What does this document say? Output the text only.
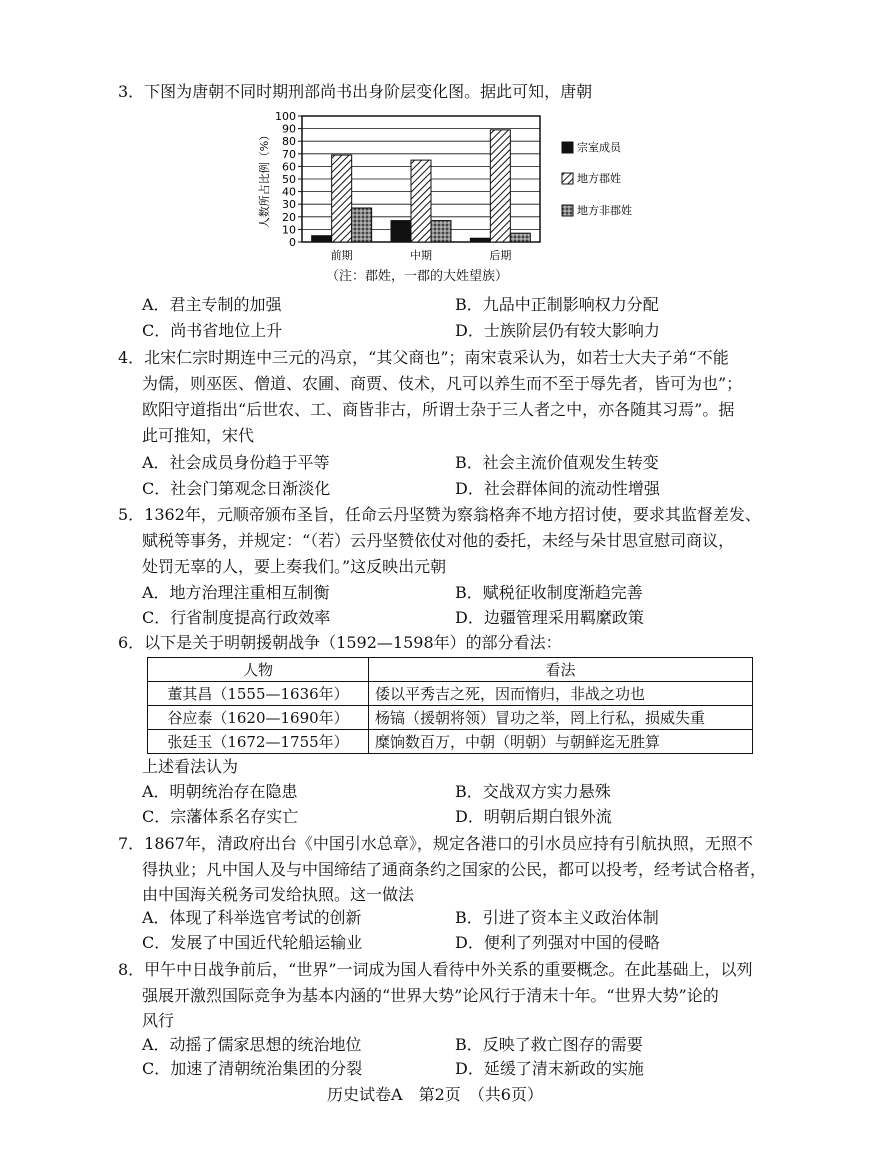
3．下图为唐朝不同时期刑部尚书出身阶层变化图。据此可知，唐朝
0
10
20
30
40
50
60
70
80
90
100
人数所占比例（%）
前期	中期	后期
宗室成员
地方郡姓
地方非郡姓
（注：郡姓，一郡的大姓望族）
A．君主专制的加强	B．九品中正制影响权力分配
C．尚书省地位上升	D．士族阶层仍有较大影响力
4．北宋仁宗时期连中三元的冯京，“其父商也”；南宋袁采认为，如若士大夫子弟“不能
为儒，则巫医、僧道、农圃、商贾、伎术，凡可以养生而不至于辱先者，皆可为也”；
欧阳守道指出“后世农、工、商皆非古，所谓士杂于三人者之中，亦各随其习焉”。据
此可推知，宋代
A．社会成员身份趋于平等	B．社会主流价值观发生转变
C．社会门第观念日渐淡化	D．社会群体间的流动性增强
5．1362年，元顺帝颁布圣旨，任命云丹坚赞为察翁格奔不地方招讨使，要求其监督差发、
赋税等事务，并规定：“（若）云丹坚赞依仗对他的委托，未经与朵甘思宣慰司商议，
处罚无辜的人，要上奏我们。”这反映出元朝
A．地方治理注重相互制衡	B．赋税征收制度渐趋完善
C．行省制度提高行政效率	D．边疆管理采用羁縻政策
6．以下是关于明朝援朝战争（1592—1598年）的部分看法：
人物	看法
董其昌（1555—1636年）	倭以平秀吉之死，因而惰归，非战之功也
谷应泰（1620—1690年）	杨镐（援朝将领）冒功之举，罔上行私，损威失重
张廷玉（1672—1755年）	糜饷数百万，中朝（明朝）与朝鲜迄无胜算
上述看法认为
A．明朝统治存在隐患	B．交战双方实力悬殊
C．宗藩体系名存实亡	D．明朝后期白银外流
7．1867年，清政府出台《中国引水总章》，规定各港口的引水员应持有引航执照，无照不
得执业；凡中国人及与中国缔结了通商条约之国家的公民，都可以投考，经考试合格者，
由中国海关税务司发给执照。这一做法
A．体现了科举选官考试的创新	B．引进了资本主义政治体制
C．发展了中国近代轮船运输业	D．便利了列强对中国的侵略
8．甲午中日战争前后，“世界”一词成为国人看待中外关系的重要概念。在此基础上，以列
强展开激烈国际竞争为基本内涵的“世界大势”论风行于清末十年。“世界大势”论的
风行
A．动摇了儒家思想的统治地位	B．反映了救亡图存的需要
C．加速了清朝统治集团的分裂	D．延缓了清末新政的实施
历史试卷A　第2页　（共6页）
